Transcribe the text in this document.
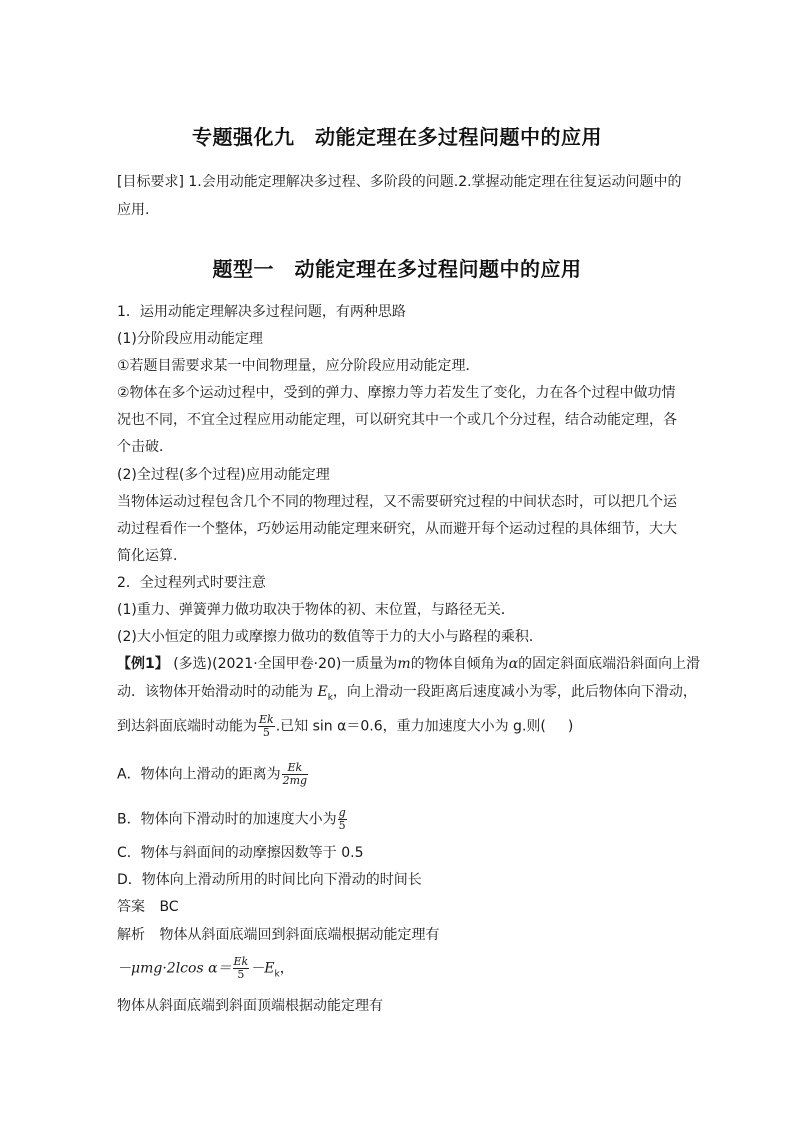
专题强化九　动能定理在多过程问题中的应用
[目标要求] 1.会用动能定理解决多过程、多阶段的问题.2.掌握动能定理在往复运动问题中的
应用.
题型一　动能定理在多过程问题中的应用
1．运用动能定理解决多过程问题，有两种思路
(1)分阶段应用动能定理
①若题目需要求某一中间物理量，应分阶段应用动能定理．
②物体在多个运动过程中，受到的弹力、摩擦力等力若发生了变化，力在各个过程中做功情
况也不同，不宜全过程应用动能定理，可以研究其中一个或几个分过程，结合动能定理，各
个击破．
(2)全过程(多个过程)应用动能定理
当物体运动过程包含几个不同的物理过程，又不需要研究过程的中间状态时，可以把几个运
动过程看作一个整体，巧妙运用动能定理来研究，从而避开每个运动过程的具体细节，大大
简化运算．
2．全过程列式时要注意
(1)重力、弹簧弹力做功取决于物体的初、末位置，与路径无关．
(2)大小恒定的阻力或摩擦力做功的数值等于力的大小与路程的乘积．
【例1】 (多选)(2021·全国甲卷·20)一质量为m的物体自倾角为α的固定斜面底端沿斜面向上滑
动．该物体开始滑动时的动能为 $E_k$，向上滑动一段距离后速度减小为零，此后物体向下滑动，
到达斜面底端时动能为 $\frac{Ek}{5}$ .已知 sin α＝0.6，重力加速度大小为 g.则( )
A．物体向上滑动的距离为 $\frac{Ek}{2mg}$
B．物体向下滑动时的加速度大小为 $\frac{g}{5}$
C．物体与斜面间的动摩擦因数等于 0.5
D．物体向上滑动所用的时间比向下滑动的时间长
答案 BC
解析 物体从斜面底端回到斜面底端根据动能定理有
－μmg·2lcos $\alpha= \frac{Ek}{5} -E_k$，
物体从斜面底端到斜面顶端根据动能定理有
